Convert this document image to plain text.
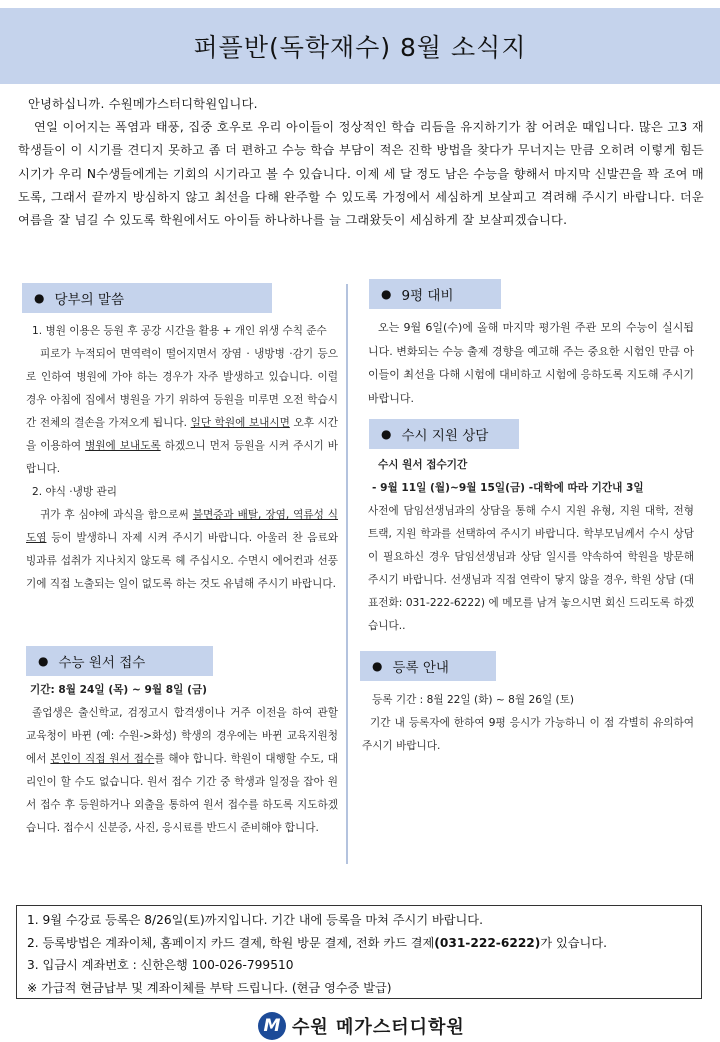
퍼플반(독학재수) 8월 소식지

안녕하십니까. 수원메가스터디학원입니다.

연일 이어지는 폭염과 태풍, 집중 호우로 우리 아이들이 정상적인 학습 리듬을 유지하기가 참 어려운 때입니다. 많은 고3 재학생들이 이 시기를 견디지 못하고 좀 더 편하고 수능 학습 부담이 적은 진학 방법을 찾다가 무너지는 만큼 오히려 이렇게 힘든 시기가 우리 N수생들에게는 기회의 시기라고 볼 수 있습니다. 이제 세 달 정도 남은 수능을 향해서 마지막 신발끈을 꽉 조여 매도록, 그래서 끝까지 방심하지 않고 최선을 다해 완주할 수 있도록 가정에서 세심하게 보살피고 격려해 주시기 바랍니다. 더운 여름을 잘 넘길 수 있도록 학원에서도 아이들 하나하나를 늘 그래왔듯이 세심하게 잘 보살피겠습니다.

● 당부의 말씀

1. 병원 이용은 등원 후 공강 시간을 활용 + 개인 위생 수칙 준수

피로가 누적되어 면역력이 떨어지면서 장염 · 냉방병 ·감기 등으로 인하여 병원에 가야 하는 경우가 자주 발생하고 있습니다. 이럴 경우 아침에 집에서 병원을 가기 위하여 등원을 미루면 오전 학습시간 전체의 결손을 가져오게 됩니다. 일단 학원에 보내시면 오후 시간을 이용하여 병원에 보내도록 하겠으니 먼저 등원을 시켜 주시기 바랍니다.

2. 야식 ·냉방 관리

귀가 후 심야에 과식을 함으로써 불면증과 배탈, 장염, 역류성 식도염 등이 발생하니 자제 시켜 주시기 바랍니다. 아울러 찬 음료와 빙과류 섭취가 지나치지 않도록 헤 주십시오. 수면시 에어컨과 선풍기에 직접 노출되는 일이 없도록 하는 것도 유념해 주시기 바랍니다.

● 수능 원서 접수

기간: 8월 24일 (목) ~ 9월 8일 (금)

졸업생은 출신학교, 검정고시 합격생이나 거주 이전을 하여 관할 교육청이 바뀐 (예: 수원->화성) 학생의 경우에는 바뀐 교육지원청에서 본인이 직접 원서 접수를 해야 합니다. 학원이 대행할 수도, 대리인이 할 수도 없습니다. 원서 접수 기간 중 학생과 일정을 잡아 원서 접수 후 등원하거나 외출을 통하여 원서 접수를 하도록 지도하겠습니다. 접수시 신분증, 사진, 응시료를 반드시 준비해야 합니다.

● 9평 대비

오는 9월 6일(수)에 올해 마지막 평가원 주관 모의 수능이 실시됩니다. 변화되는 수능 출제 경향을 예고해 주는 중요한 시험인 만큼 아이들이 최선을 다해 시험에 대비하고 시험에 응하도록 지도해 주시기 바랍니다.

● 수시 지원 상담

수시 원서 접수기간

- 9월 11일 (월)~9월 15일(금) -대학에 따라 기간내 3일

사전에 담임선생님과의 상담을 통해 수시 지원 유형, 지원 대학, 전형 트랙, 지원 학과를 선택하여 주시기 바랍니다. 학부모님께서 수시 상담이 필요하신 경우 담임선생님과 상담 일시를 약속하여 학원을 방문해 주시기 바랍니다. 선생님과 직접 연락이 닿지 않을 경우, 학원 상담 (대표전화: 031-222-6222) 에 메모를 남겨 놓으시면 회신 드리도록 하겠습니다..

● 등록 안내

등록 기간 : 8월 22일 (화) ~ 8월 26일 (토)

기간 내 등록자에 한하여 9평 응시가 가능하니 이 점 각별히 유의하여 주시기 바랍니다.

1. 9월 수강료 등록은 8/26일(토)까지입니다. 기간 내에 등록을 마쳐 주시기 바랍니다.

2. 등록방법은 계좌이체, 홈페이지 카드 결제, 학원 방문 결제, 전화 카드 결제(031-222-6222)가 있습니다.

3. 입금시 계좌번호 : 신한은행 100-026-799510

※ 가급적 현금납부 및 계좌이체를 부탁 드립니다. (현금 영수증 발급)

M 수원 메가스터디학원
